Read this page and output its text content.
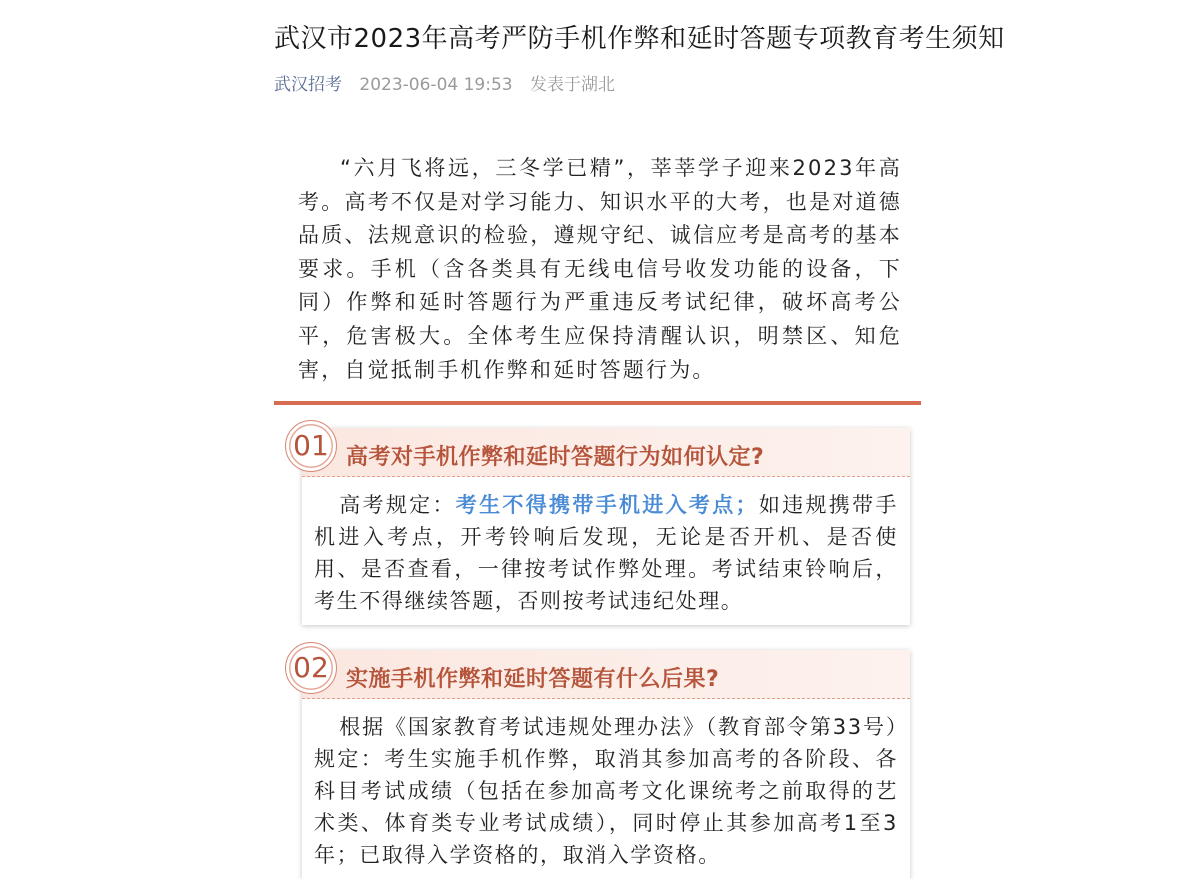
武汉市2023年高考严防手机作弊和延时答题专项教育考生须知
武汉招考 2023-06-04 19:53 发表于湖北
“六月飞将远，三冬学已精”，莘莘学子迎来2023年高考。高考不仅是对学习能力、知识水平的大考，也是对道德品质、法规意识的检验，遵规守纪、诚信应考是高考的基本要求。手机（含各类具有无线电信号收发功能的设备，下同）作弊和延时答题行为严重违反考试纪律，破坏高考公平，危害极大。全体考生应保持清醒认识，明禁区、知危害，自觉抵制手机作弊和延时答题行为。
高考对手机作弊和延时答题行为如何认定?
高考规定：考生不得携带手机进入考点；如违规携带手机进入考点，开考铃响后发现，无论是否开机、是否使用、是否查看，一律按考试作弊处理。考试结束铃响后，考生不得继续答题，否则按考试违纪处理。
01
实施手机作弊和延时答题有什么后果?
根据《国家教育考试违规处理办法》（教育部令第33号）规定：考生实施手机作弊，取消其参加高考的各阶段、各科目考试成绩（包括在参加高考文化课统考之前取得的艺术类、体育类专业考试成绩），同时停止其参加高考1至3年；已取得入学资格的，取消入学资格。
02
